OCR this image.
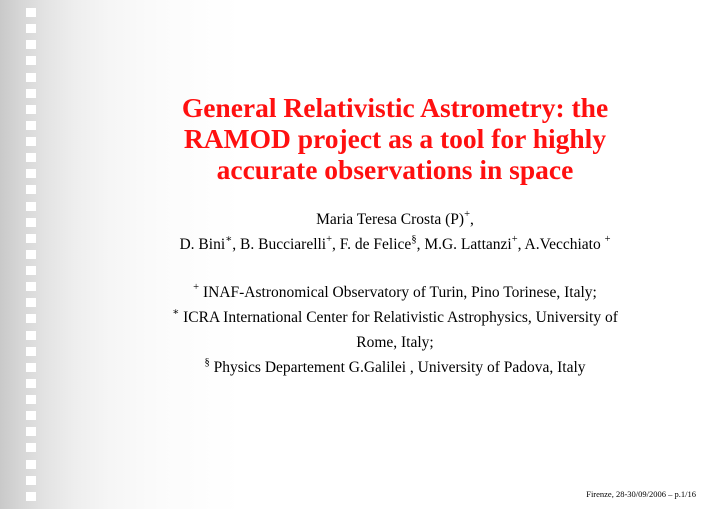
General Relativistic Astrometry: the
RAMOD project as a tool for highly
accurate observations in space
Maria Teresa Crosta (P)+,
D. Bini∗, B. Bucciarelli+, F. de Felice§, M.G. Lattanzi+, A.Vecchiato +
+ INAF-Astronomical Observatory of Turin, Pino Torinese, Italy;
∗ ICRA International Center for Relativistic Astrophysics, University of
Rome, Italy;
§ Physics Departement G.Galilei , University of Padova, Italy
Firenze, 28-30/09/2006 – p.1/16
